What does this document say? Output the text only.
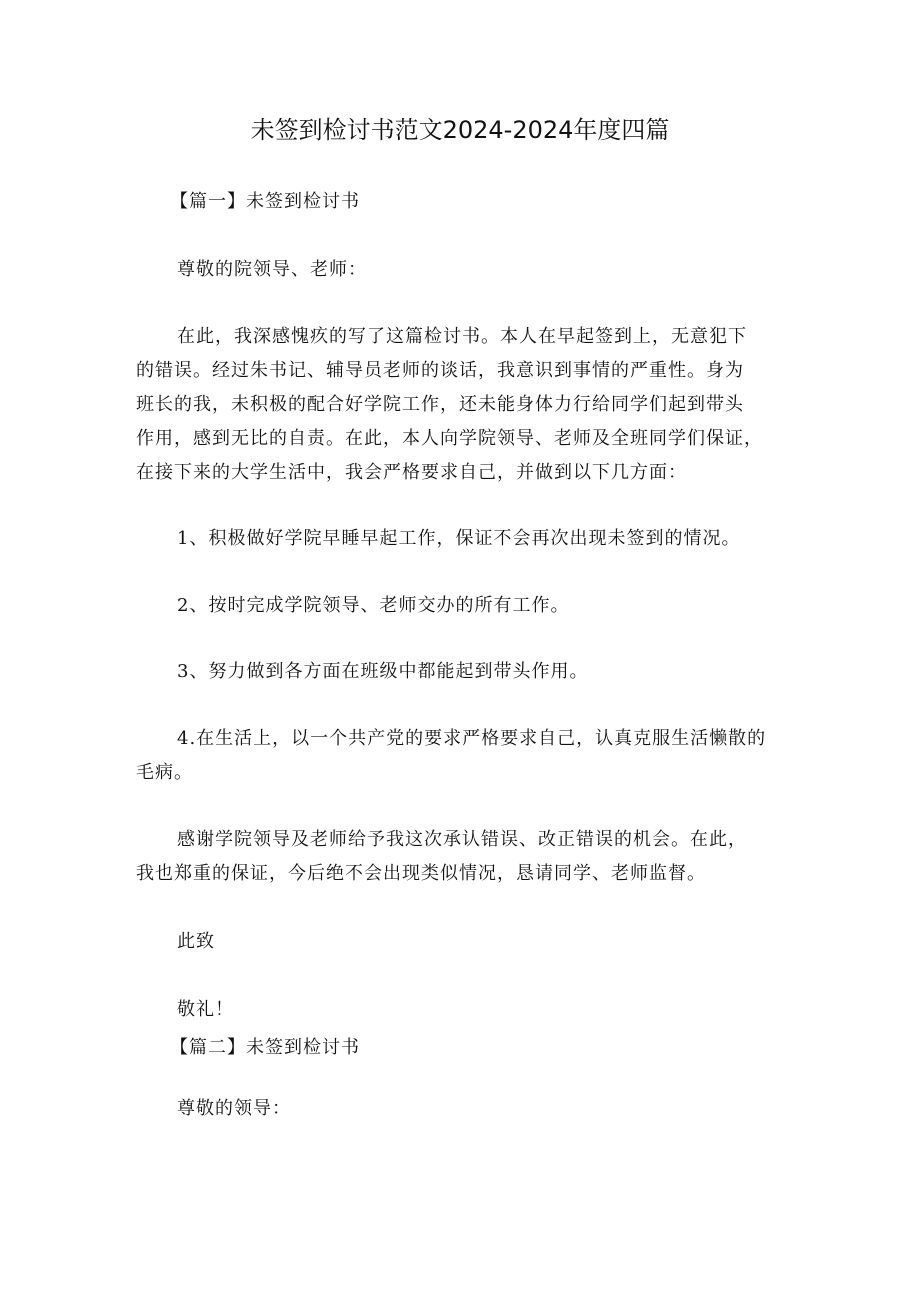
未签到检讨书范文2024-2024年度四篇
【篇一】未签到检讨书
尊敬的院领导、老师：
在此，我深感愧疚的写了这篇检讨书。本人在早起签到上，无意犯下
的错误。经过朱书记、辅导员老师的谈话，我意识到事情的严重性。身为
班长的我，未积极的配合好学院工作，还未能身体力行给同学们起到带头
作用，感到无比的自责。在此，本人向学院领导、老师及全班同学们保证，
在接下来的大学生活中，我会严格要求自己，并做到以下几方面：
1、积极做好学院早睡早起工作，保证不会再次出现未签到的情况。
2、按时完成学院领导、老师交办的所有工作。
3、努力做到各方面在班级中都能起到带头作用。
4.在生活上，以一个共产党的要求严格要求自己，认真克服生活懒散的
毛病。
感谢学院领导及老师给予我这次承认错误、改正错误的机会。在此，
我也郑重的保证，今后绝不会出现类似情况，恳请同学、老师监督。
此致
敬礼！
【篇二】未签到检讨书
尊敬的领导：
